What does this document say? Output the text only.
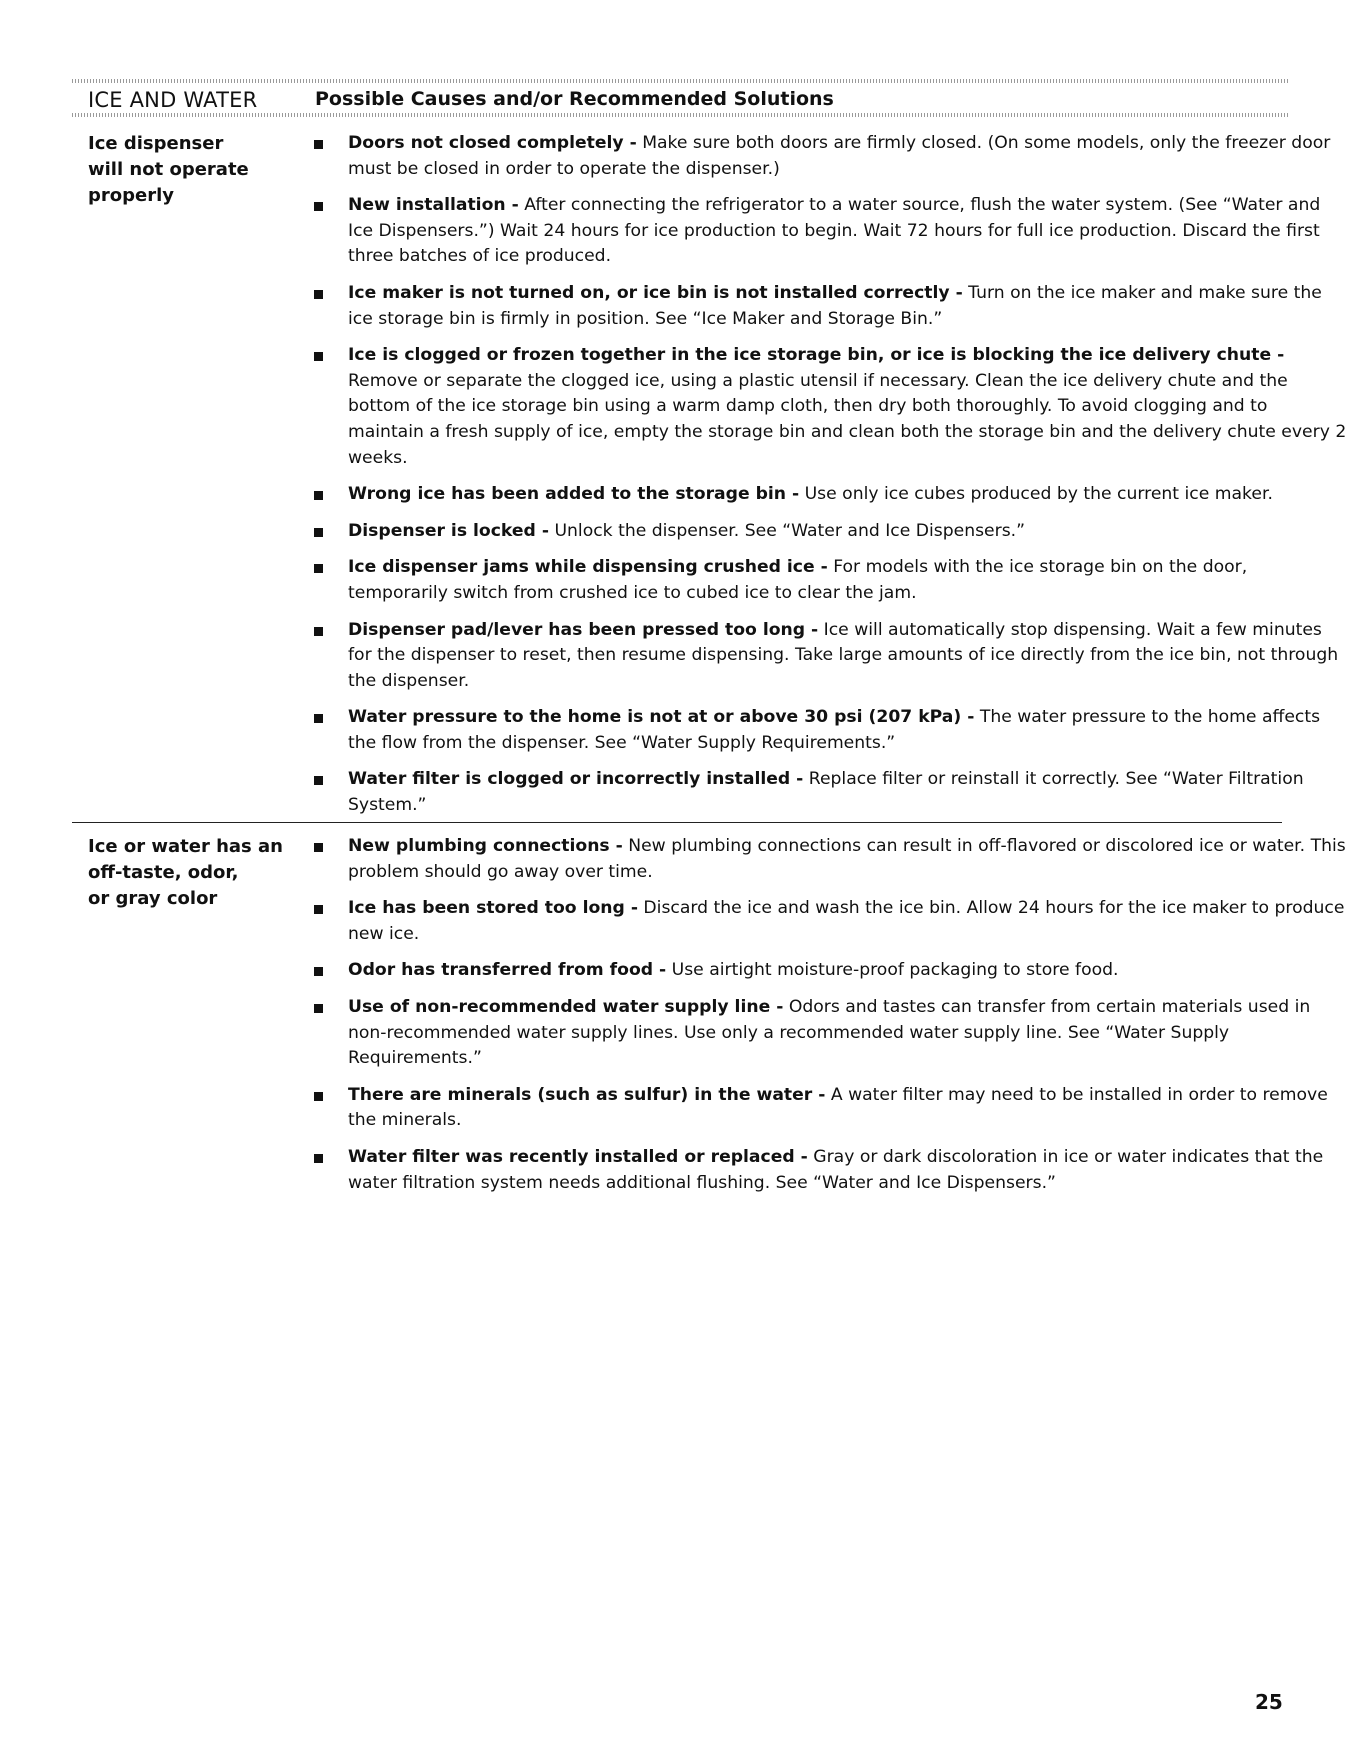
ICE AND WATER	Possible Causes and/or Recommended Solutions
Ice dispenser
will not operate
properly
Doors not closed completely - Make sure both doors are firmly closed. (On some models, only the freezer door must be closed in order to operate the dispenser.)
New installation - After connecting the refrigerator to a water source, flush the water system. (See “Water and Ice Dispensers.”) Wait 24 hours for ice production to begin. Wait 72 hours for full ice production. Discard the first three batches of ice produced.
Ice maker is not turned on, or ice bin is not installed correctly - Turn on the ice maker and make sure the ice storage bin is firmly in position. See “Ice Maker and Storage Bin.”
Ice is clogged or frozen together in the ice storage bin, or ice is blocking the ice delivery chute - Remove or separate the clogged ice, using a plastic utensil if necessary. Clean the ice delivery chute and the bottom of the ice storage bin using a warm damp cloth, then dry both thoroughly. To avoid clogging and to maintain a fresh supply of ice, empty the storage bin and clean both the storage bin and the delivery chute every 2 weeks.
Wrong ice has been added to the storage bin - Use only ice cubes produced by the current ice maker.
Dispenser is locked - Unlock the dispenser. See “Water and Ice Dispensers.”
Ice dispenser jams while dispensing crushed ice - For models with the ice storage bin on the door, temporarily switch from crushed ice to cubed ice to clear the jam.
Dispenser pad/lever has been pressed too long - Ice will automatically stop dispensing. Wait a few minutes for the dispenser to reset, then resume dispensing. Take large amounts of ice directly from the ice bin, not through the dispenser.
Water pressure to the home is not at or above 30 psi (207 kPa) - The water pressure to the home affects the flow from the dispenser. See “Water Supply Requirements.”
Water filter is clogged or incorrectly installed - Replace filter or reinstall it correctly. See “Water Filtration System.”
Ice or water has an
off-taste, odor,
or gray color
New plumbing connections - New plumbing connections can result in off-flavored or discolored ice or water. This problem should go away over time.
Ice has been stored too long - Discard the ice and wash the ice bin. Allow 24 hours for the ice maker to produce new ice.
Odor has transferred from food - Use airtight moisture-proof packaging to store food.
Use of non-recommended water supply line - Odors and tastes can transfer from certain materials used in non-recommended water supply lines. Use only a recommended water supply line. See “Water Supply Requirements.”
There are minerals (such as sulfur) in the water - A water filter may need to be installed in order to remove the minerals.
Water filter was recently installed or replaced - Gray or dark discoloration in ice or water indicates that the water filtration system needs additional flushing. See “Water and Ice Dispensers.”
25
